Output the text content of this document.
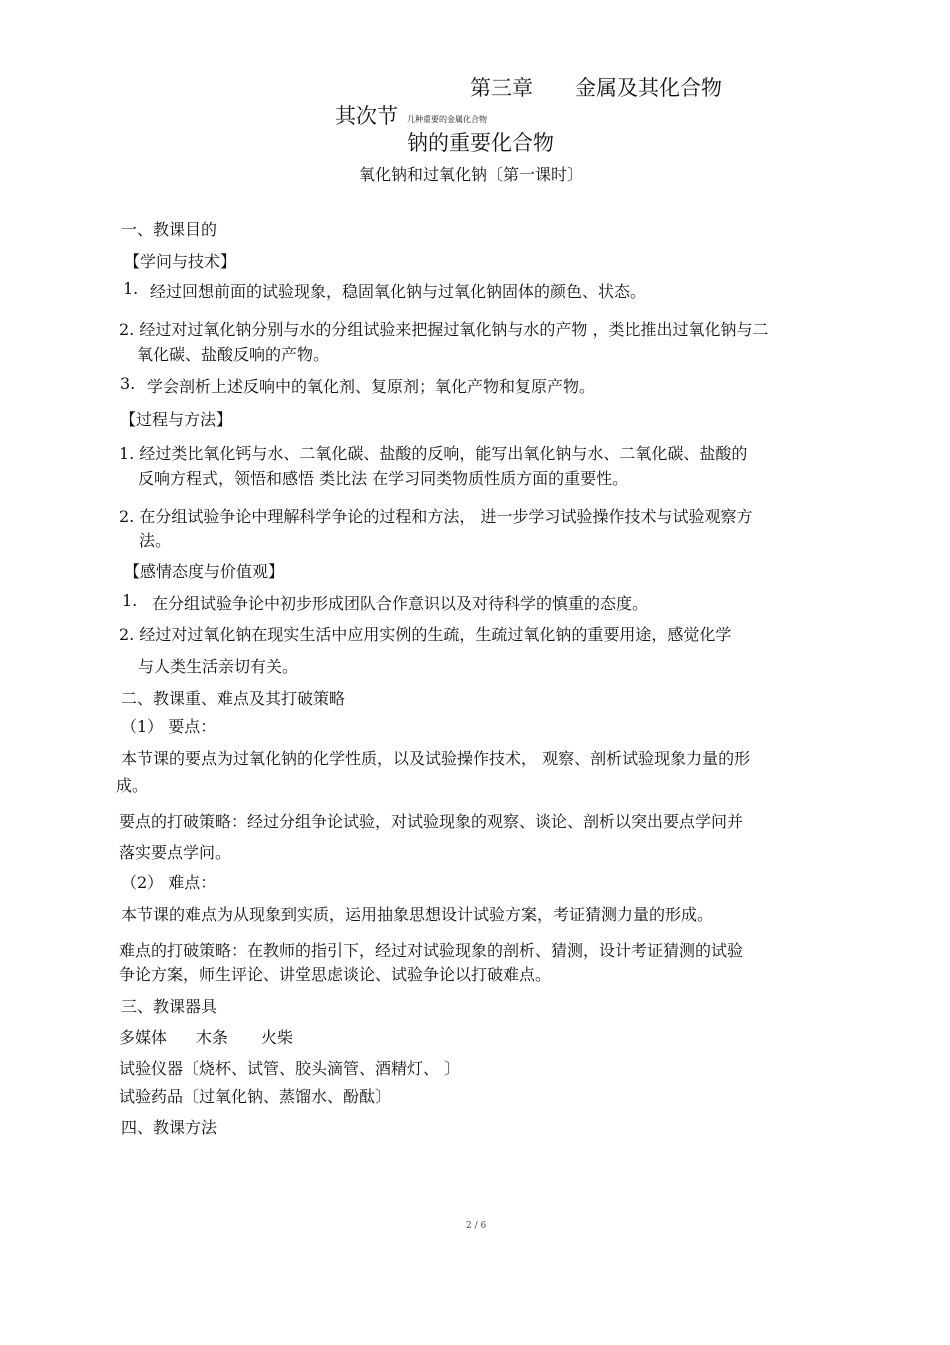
第三章 金属及其化合物
其次节 几种重要的金属化合物
钠的重要化合物
氧化钠和过氧化钠〔第一课时〕
一、教课目的
【学问与技术】
1. 经过回想前面的试验现象，稳固氧化钠与过氧化钠固体的颜色、状态。
2. 经过对过氧化钠分别与水的分组试验来把握过氧化钠与水的产物 ，类比推出过氧化钠与二
氧化碳、盐酸反响的产物。
3. 学会剖析上述反响中的氧化剂、复原剂；氧化产物和复原产物。
【过程与方法】
1. 经过类比氧化钙与水、二氧化碳、盐酸的反响，能写出氧化钠与水、二氧化碳、盐酸的
反响方程式，领悟和感悟 类比法 在学习同类物质性质方面的重要性。
2. 在分组试验争论中理解科学争论的过程和方法， 进一步学习试验操作技术与试验观察方
法。
【感情态度与价值观】
1. 在分组试验争论中初步形成团队合作意识以及对待科学的慎重的态度。
2. 经过对过氧化钠在现实生活中应用实例的生疏，生疏过氧化钠的重要用途，感觉化学
与人类生活亲切有关。
二、教课重、难点及其打破策略
（1） 要点：
本节课的要点为过氧化钠的化学性质，以及试验操作技术， 观察、剖析试验现象力量的形
成。
要点的打破策略：经过分组争论试验，对试验现象的观察、谈论、剖析以突出要点学问并
落实要点学问。
（2） 难点：
本节课的难点为从现象到实质，运用抽象思想设计试验方案，考证猜测力量的形成。
难点的打破策略：在教师的指引下，经过对试验现象的剖析、猜测，设计考证猜测的试验
争论方案，师生评论、讲堂思虑谈论、试验争论以打破难点。
三、教课器具
多媒体 木条 火柴
试验仪器〔烧杯、试管、胶头滴管、酒精灯、 〕
试验药品〔过氧化钠、蒸馏水、酚酞〕
四、教课方法
2 / 6
